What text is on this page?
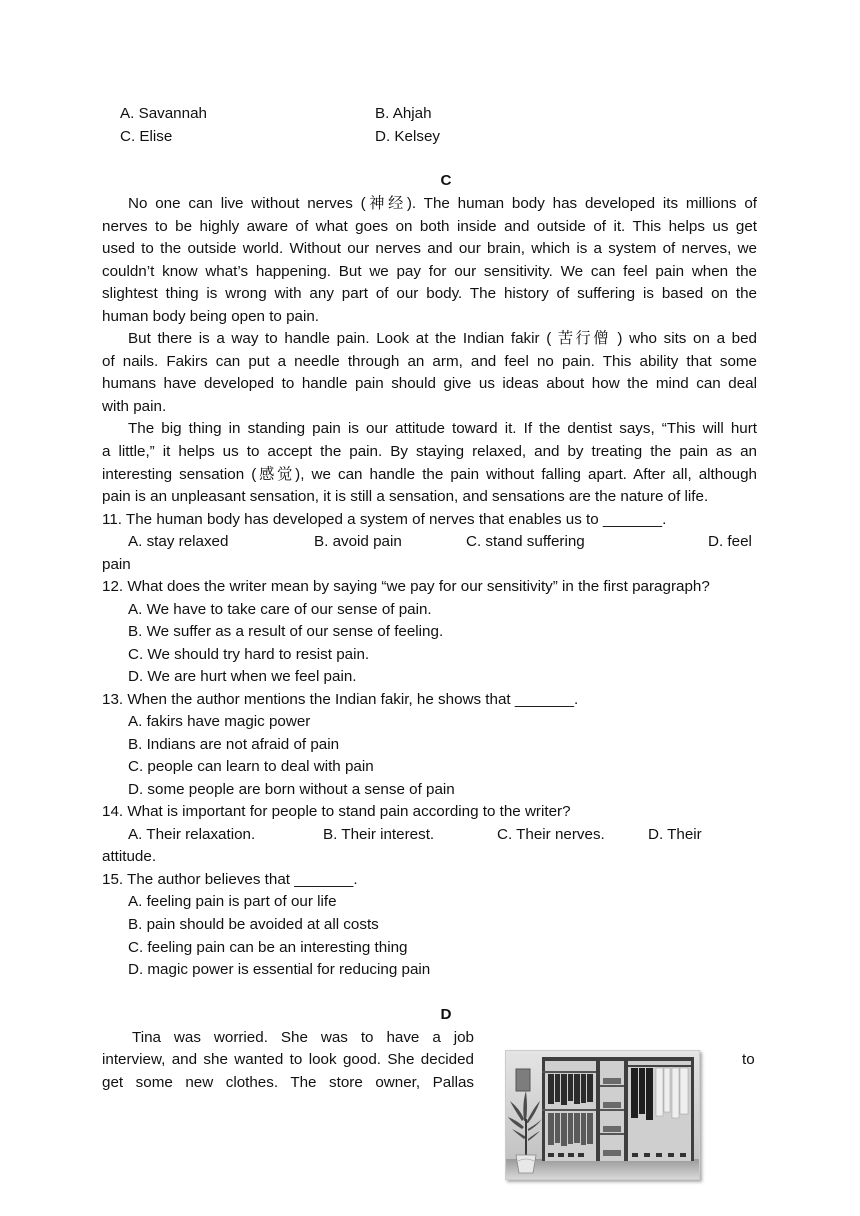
A. Savannah	B. Ahjah
C. Elise	D. Kelsey
C
No one can live without nerves (神经). The human body has developed its millions of
nerves to be highly aware of what goes on both inside and outside of it. This helps us get
used to the outside world. Without our nerves and our brain, which is a system of nerves, we
couldn’t know what’s happening. But we pay for our sensitivity. We can feel pain when the
slightest thing is wrong with any part of our body. The history of suffering is based on the
human body being open to pain.
But there is a way to handle pain. Look at the Indian fakir ( 苦行僧 ) who sits on a bed
of nails. Fakirs can put a needle through an arm, and feel no pain. This ability that some
humans have developed to handle pain should give us ideas about how the mind can deal
with pain.
The big thing in standing pain is our attitude toward it. If the dentist says, “This will hurt
a little,” it helps us to accept the pain. By staying relaxed, and by treating the pain as an
interesting sensation (感觉), we can handle the pain without falling apart. After all, although
pain is an unpleasant sensation, it is still a sensation, and sensations are the nature of life.
11. The human body has developed a system of nerves that enables us to _______.
A. stay relaxed	B. avoid pain	C. stand suffering	D. feel
pain
12. What does the writer mean by saying “we pay for our sensitivity” in the first paragraph?
A. We have to take care of our sense of pain.
B. We suffer as a result of our sense of feeling.
C. We should try hard to resist pain.
D. We are hurt when we feel pain.
13. When the author mentions the Indian fakir, he shows that _______.
A. fakirs have magic power
B. Indians are not afraid of pain
C. people can learn to deal with pain
D. some people are born without a sense of pain
14. What is important for people to stand pain according to the writer?
A. Their relaxation.	B. Their interest.	C. Their nerves.	D. Their
attitude.
15. The author believes that _______.
A. feeling pain is part of our life
B. pain should be avoided at all costs
C. feeling pain can be an interesting thing
D. magic power is essential for reducing pain
D
Tina was worried. She was to have a job
interview, and she wanted to look good. She decided	to
get some new clothes. The store owner, Pallas
